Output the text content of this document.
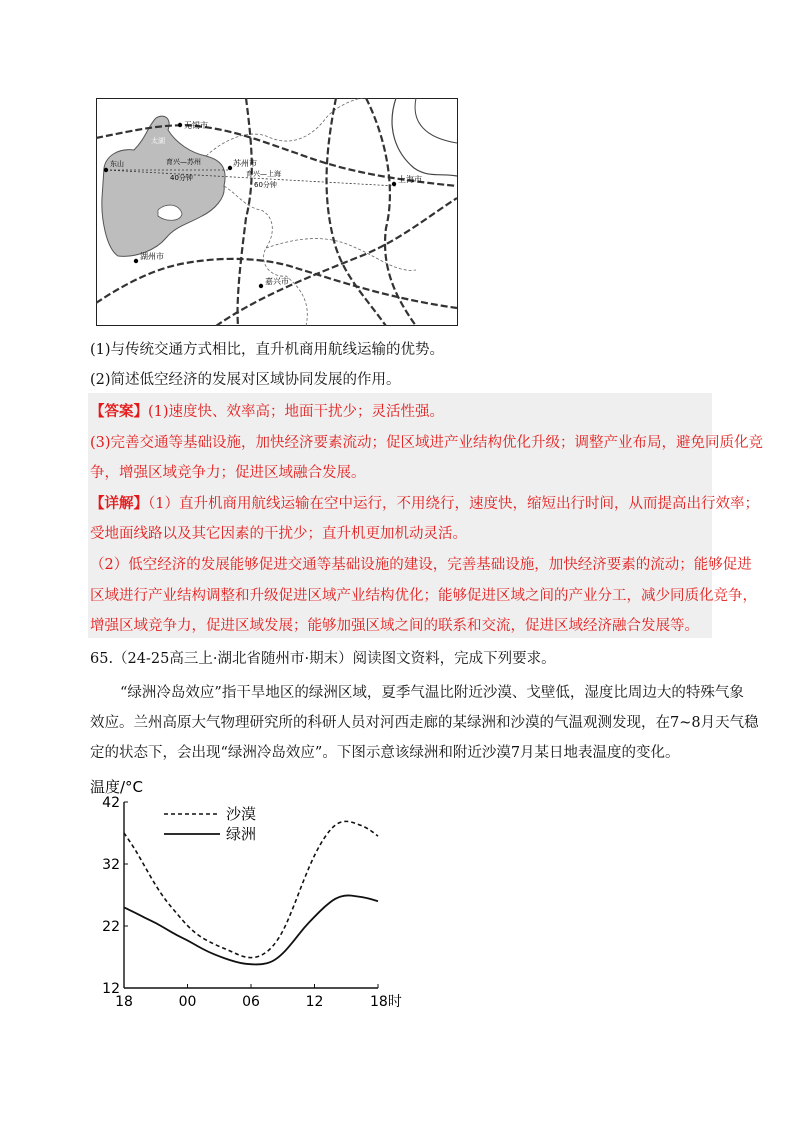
无锡市
苏州市
上海市
湖州市
嘉兴市
太湖
东山	育兴—苏州
40分钟	育兴—上海
60分钟
(1)与传统交通方式相比，直升机商用航线运输的优势。
(2)简述低空经济的发展对区域协同发展的作用。
【答案】(1)速度快、效率高；地面干扰少；灵活性强。
(3)完善交通等基础设施，加快经济要素流动；促区域进产业结构优化升级；调整产业布局，避免同质化竞
争，增强区域竞争力；促进区域融合发展。
【详解】（1）直升机商用航线运输在空中运行，不用绕行，速度快，缩短出行时间，从而提高出行效率；
受地面线路以及其它因素的干扰少；直升机更加机动灵活。
（2）低空经济的发展能够促进交通等基础设施的建设，完善基础设施，加快经济要素的流动；能够促进
区域进行产业结构调整和升级促进区域产业结构优化；能够促进区域之间的产业分工，减少同质化竞争，
增强区域竞争力，促进区域发展；能够加强区域之间的联系和交流，促进区域经济融合发展等。
65.（24-25高三上·湖北省随州市·期末）阅读图文资料，完成下列要求。
“绿洲冷岛效应”指干旱地区的绿洲区域，夏季气温比附近沙漠、戈壁低，湿度比周边大的特殊气象
效应。兰州高原大气物理研究所的科研人员对河西走廊的某绿洲和沙漠的气温观测发现，在7~8月天气稳
定的状态下，会出现“绿洲冷岛效应”。下图示意该绿洲和附近沙漠7月某日地表温度的变化。
温度/°C
12
22
32
42
18	00	06	12	18时
沙漠
绿洲
